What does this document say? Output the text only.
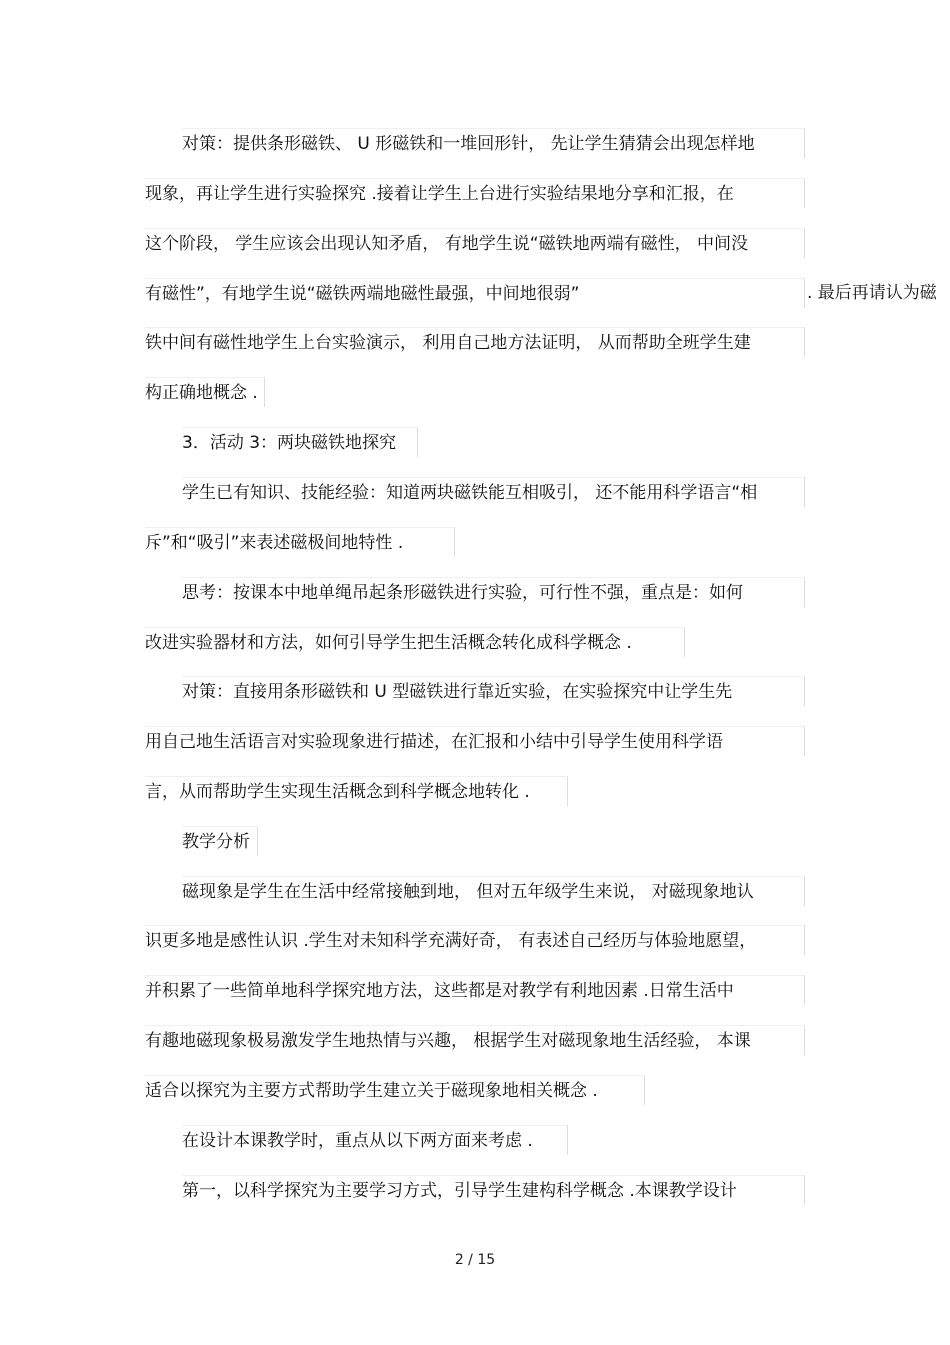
对策：提供条形磁铁、 U 形磁铁和一堆回形针， 先让学生猜猜会出现怎样地
现象，再让学生进行实验探究 .接着让学生上台进行实验结果地分享和汇报，在
这个阶段， 学生应该会出现认知矛盾， 有地学生说“磁铁地两端有磁性， 中间没
有磁性”，有地学生说“磁铁两端地磁性最强，中间地很弱”	. 最后再请认为磁
铁中间有磁性地学生上台实验演示， 利用自己地方法证明， 从而帮助全班学生建
构正确地概念 .
3．活动 3：两块磁铁地探究
学生已有知识、技能经验：知道两块磁铁能互相吸引， 还不能用科学语言“相
斥”和“吸引”来表述磁极间地特性 .
思考：按课本中地单绳吊起条形磁铁进行实验，可行性不强，重点是：如何
改进实验器材和方法，如何引导学生把生活概念转化成科学概念 .
对策：直接用条形磁铁和 U 型磁铁进行靠近实验，在实验探究中让学生先
用自己地生活语言对实验现象进行描述，在汇报和小结中引导学生使用科学语
言，从而帮助学生实现生活概念到科学概念地转化 .
教学分析
磁现象是学生在生活中经常接触到地， 但对五年级学生来说， 对磁现象地认
识更多地是感性认识 .学生对未知科学充满好奇， 有表述自己经历与体验地愿望，
并积累了一些简单地科学探究地方法，这些都是对教学有利地因素 .日常生活中
有趣地磁现象极易激发学生地热情与兴趣， 根据学生对磁现象地生活经验， 本课
适合以探究为主要方式帮助学生建立关于磁现象地相关概念 .
在设计本课教学时，重点从以下两方面来考虑 .
第一，以科学探究为主要学习方式，引导学生建构科学概念 .本课教学设计
2 / 15
